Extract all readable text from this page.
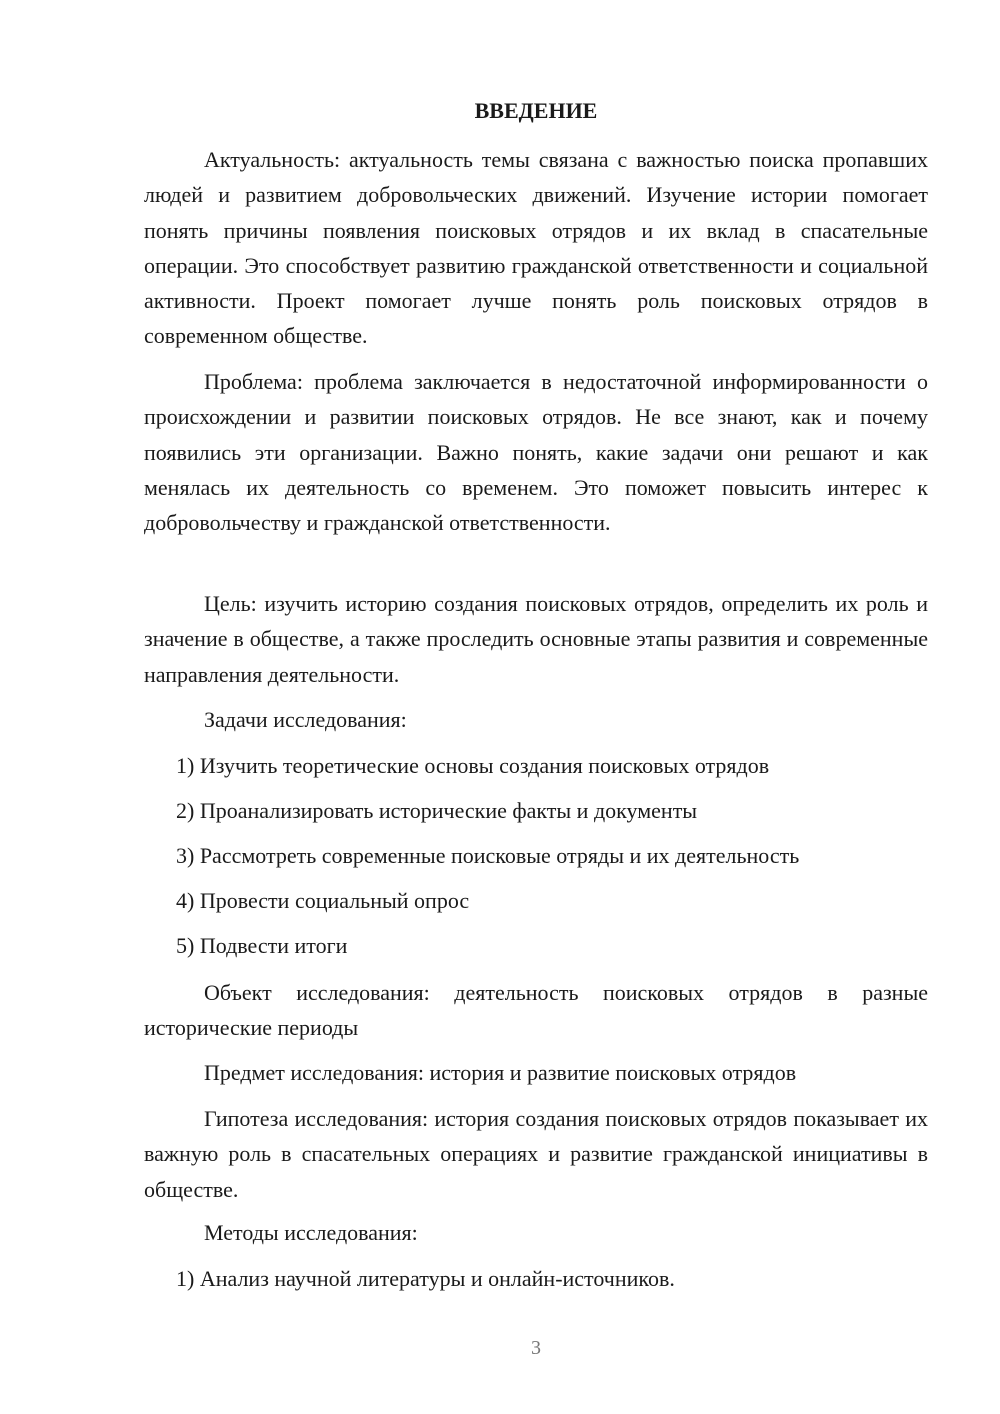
ВВЕДЕНИЕ

Актуальность: актуальность темы связана с важностью поиска пропавших людей и развитием добровольческих движений. Изучение истории помогает понять причины появления поисковых отрядов и их вклад в спасательные операции. Это способствует развитию гражданской ответственности и социальной активности. Проект помогает лучше понять роль поисковых отрядов в современном обществе.

Проблема: проблема заключается в недостаточной информированности о происхождении и развитии поисковых отрядов. Не все знают, как и почему появились эти организации. Важно понять, какие задачи они решают и как менялась их деятельность со временем. Это поможет повысить интерес к добровольчеству и гражданской ответственности.

Цель: изучить историю создания поисковых отрядов, определить их роль и значение в обществе, а также проследить основные этапы развития и современные направления деятельности.

Задачи исследования:

1) Изучить теоретические основы создания поисковых отрядов

2) Проанализировать исторические факты и документы

3) Рассмотреть современные поисковые отряды и их деятельность

4) Провести социальный опрос

5) Подвести итоги

Объект исследования: деятельность поисковых отрядов в разные исторические периоды

Предмет исследования: история и развитие поисковых отрядов

Гипотеза исследования: история создания поисковых отрядов показывает их важную роль в спасательных операциях и развитие гражданской инициативы в обществе.

Методы исследования:

1) Анализ научной литературы и онлайн-источников.

3
